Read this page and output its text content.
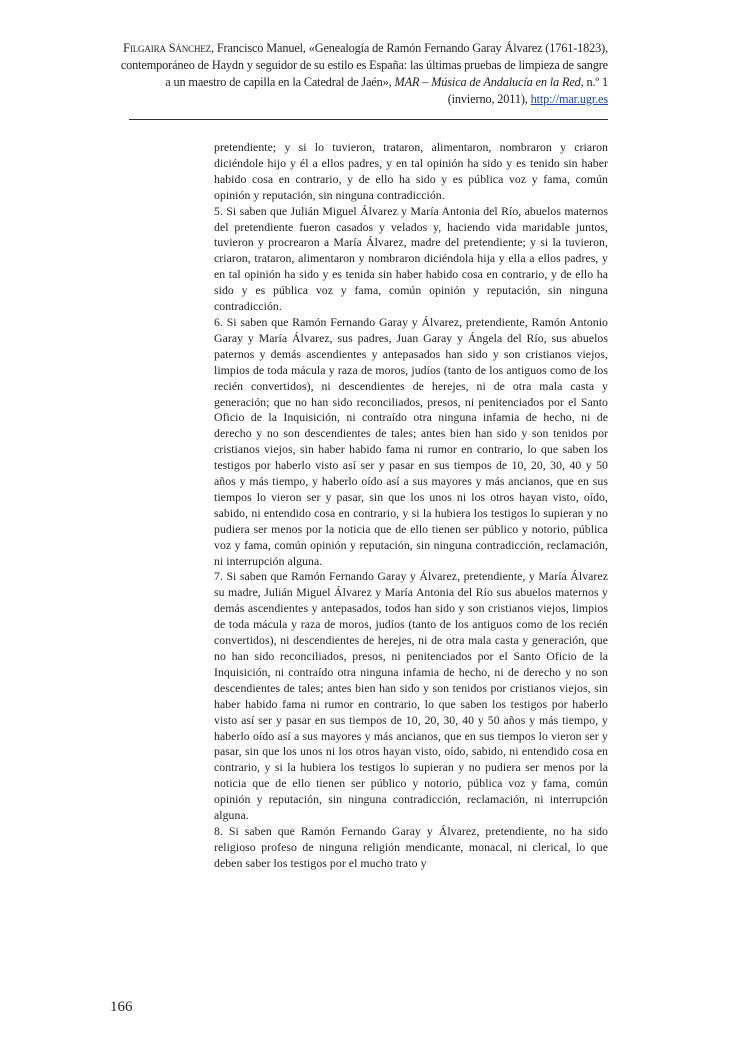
Filgaira Sánchez, Francisco Manuel, «Genealogía de Ramón Fernando Garay Álvarez (1761-1823), contemporáneo de Haydn y seguidor de su estilo es España: las últimas pruebas de limpieza de sangre a un maestro de capilla en la Catedral de Jaén», MAR – Música de Andalucía en la Red, n.º 1 (invierno, 2011), http://mar.ugr.es

pretendiente; y si lo tuvieron, trataron, alimentaron, nombraron y criaron diciéndole hijo y él a ellos padres, y en tal opinión ha sido y es tenido sin haber habido cosa en contrario, y de ello ha sido y es pública voz y fama, común opinión y reputación, sin ninguna contradicción.

5. Si saben que Julián Miguel Álvarez y María Antonia del Río, abuelos maternos del pretendiente fueron casados y velados y, haciendo vida maridable juntos, tuvieron y procrearon a María Álvarez, madre del pretendiente; y si la tuvieron, criaron, trataron, alimentaron y nombraron diciéndola hija y ella a ellos padres, y en tal opinión ha sido y es tenida sin haber habido cosa en contrario, y de ello ha sido y es pública voz y fama, común opinión y reputación, sin ninguna contradicción.

6. Si saben que Ramón Fernando Garay y Álvarez, pretendiente, Ramón Antonio Garay y María Álvarez, sus padres, Juan Garay y Ángela del Río, sus abuelos paternos y demás ascendientes y antepasados han sido y son cristianos viejos, limpios de toda mácula y raza de moros, judíos (tanto de los antiguos como de los recién convertidos), ni descendientes de herejes, ni de otra mala casta y generación; que no han sido reconciliados, presos, ni penitenciados por el Santo Oficio de la Inquisición, ni contraído otra ninguna infamia de hecho, ni de derecho y no son descendientes de tales; antes bien han sido y son tenidos por cristianos viejos, sin haber habido fama ni rumor en contrario, lo que saben los testigos por haberlo visto así ser y pasar en sus tiempos de 10, 20, 30, 40 y 50 años y más tiempo, y haberlo oído así a sus mayores y más ancianos, que en sus tiempos lo vieron ser y pasar, sin que los unos ni los otros hayan visto, oído, sabido, ni entendido cosa en contrario, y si la hubiera los testigos lo supieran y no pudiera ser menos por la noticia que de ello tienen ser público y notorio, pública voz y fama, común opinión y reputación, sin ninguna contradicción, reclamación, ni interrupción alguna.

7. Si saben que Ramón Fernando Garay y Álvarez, pretendiente, y María Álvarez su madre, Julián Miguel Álvarez y María Antonia del Río sus abuelos maternos y demás ascendientes y antepasados, todos han sido y son cristianos viejos, limpios de toda mácula y raza de moros, judíos (tanto de los antiguos como de los recién convertidos), ni descendientes de herejes, ni de otra mala casta y generación, que no han sido reconciliados, presos, ni penitenciados por el Santo Oficio de la Inquisición, ni contraído otra ninguna infamia de hecho, ni de derecho y no son descendientes de tales; antes bien han sido y son tenidos por cristianos viejos, sin haber habido fama ni rumor en contrario, lo que saben los testigos por haberlo visto así ser y pasar en sus tiempos de 10, 20, 30, 40 y 50 años y más tiempo, y haberlo oído así a sus mayores y más ancianos, que en sus tiempos lo vieron ser y pasar, sin que los unos ni los otros hayan visto, oído, sabido, ni entendido cosa en contrario, y si la hubiera los testigos lo supieran y no pudiera ser menos por la noticia que de ello tienen ser público y notorio, pública voz y fama, común opinión y reputación, sin ninguna contradicción, reclamación, ni interrupción alguna.

8. Si saben que Ramón Fernando Garay y Álvarez, pretendiente, no ha sido religioso profeso de ninguna religión mendicante, monacal, ni clerical, lo que deben saber los testigos por el mucho trato y

166
